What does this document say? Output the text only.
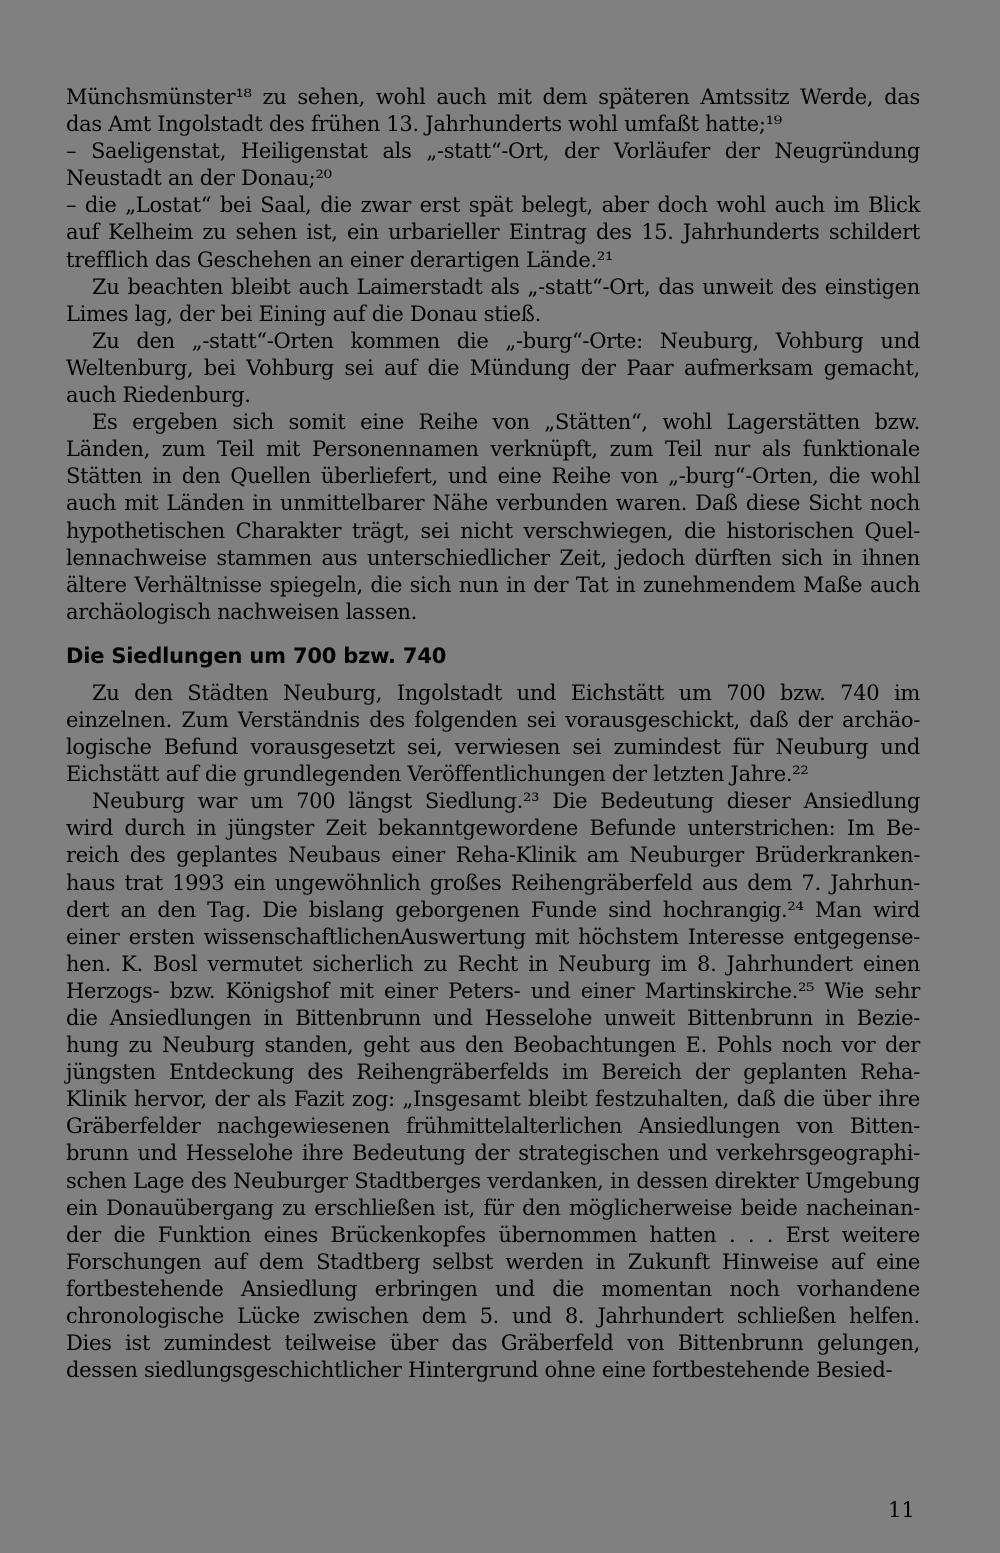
Münchsmünster¹⁸ zu sehen, wohl auch mit dem späteren Amtssitz Werde, das
das Amt Ingolstadt des frühen 13. Jahrhunderts wohl umfaßt hatte;¹⁹
– Saeligenstat, Heiligenstat als „-statt“-Ort, der Vorläufer der Neugründung
Neustadt an der Donau;²⁰
– die „Lostat“ bei Saal, die zwar erst spät belegt, aber doch wohl auch im Blick
auf Kelheim zu sehen ist, ein urbarieller Eintrag des 15. Jahrhunderts schildert
trefflich das Geschehen an einer derartigen Lände.²¹
Zu beachten bleibt auch Laimerstadt als „-statt“-Ort, das unweit des einstigen
Limes lag, der bei Eining auf die Donau stieß.
Zu den „-statt“-Orten kommen die „-burg“-Orte: Neuburg, Vohburg und
Weltenburg, bei Vohburg sei auf die Mündung der Paar aufmerksam gemacht,
auch Riedenburg.
Es ergeben sich somit eine Reihe von „Stätten“, wohl Lagerstätten bzw.
Länden, zum Teil mit Personennamen verknüpft, zum Teil nur als funktionale
Stätten in den Quellen überliefert, und eine Reihe von „-burg“-Orten, die wohl
auch mit Länden in unmittelbarer Nähe verbunden waren. Daß diese Sicht noch
hypothetischen Charakter trägt, sei nicht verschwiegen, die historischen Quel-
lennachweise stammen aus unterschiedlicher Zeit, jedoch dürften sich in ihnen
ältere Verhältnisse spiegeln, die sich nun in der Tat in zunehmendem Maße auch
archäologisch nachweisen lassen.
Die Siedlungen um 700 bzw. 740
Zu den Städten Neuburg, Ingolstadt und Eichstätt um 700 bzw. 740 im
einzelnen. Zum Verständnis des folgenden sei vorausgeschickt, daß der archäo-
logische Befund vorausgesetzt sei, verwiesen sei zumindest für Neuburg und
Eichstätt auf die grundlegenden Veröffentlichungen der letzten Jahre.²²
Neuburg war um 700 längst Siedlung.²³ Die Bedeutung dieser Ansiedlung
wird durch in jüngster Zeit bekanntgewordene Befunde unterstrichen: Im Be-
reich des geplantes Neubaus einer Reha-Klinik am Neuburger Brüderkranken-
haus trat 1993 ein ungewöhnlich großes Reihengräberfeld aus dem 7. Jahrhun-
dert an den Tag. Die bislang geborgenen Funde sind hochrangig.²⁴ Man wird
einer ersten wissenschaftlichenAuswertung mit höchstem Interesse entgegense-
hen. K. Bosl vermutet sicherlich zu Recht in Neuburg im 8. Jahrhundert einen
Herzogs- bzw. Königshof mit einer Peters- und einer Martinskirche.²⁵ Wie sehr
die Ansiedlungen in Bittenbrunn und Hesselohe unweit Bittenbrunn in Bezie-
hung zu Neuburg standen, geht aus den Beobachtungen E. Pohls noch vor der
jüngsten Entdeckung des Reihengräberfelds im Bereich der geplanten Reha-
Klinik hervor, der als Fazit zog: „Insgesamt bleibt festzuhalten, daß die über ihre
Gräberfelder nachgewiesenen frühmittelalterlichen Ansiedlungen von Bitten-
brunn und Hesselohe ihre Bedeutung der strategischen und verkehrsgeographi-
schen Lage des Neuburger Stadtberges verdanken, in dessen direkter Umgebung
ein Donauübergang zu erschließen ist, für den möglicherweise beide nacheinan-
der die Funktion eines Brückenkopfes übernommen hatten . . . Erst weitere
Forschungen auf dem Stadtberg selbst werden in Zukunft Hinweise auf eine
fortbestehende Ansiedlung erbringen und die momentan noch vorhandene
chronologische Lücke zwischen dem 5. und 8. Jahrhundert schließen helfen.
Dies ist zumindest teilweise über das Gräberfeld von Bittenbrunn gelungen,
dessen siedlungsgeschichtlicher Hintergrund ohne eine fortbestehende Besied-
11
